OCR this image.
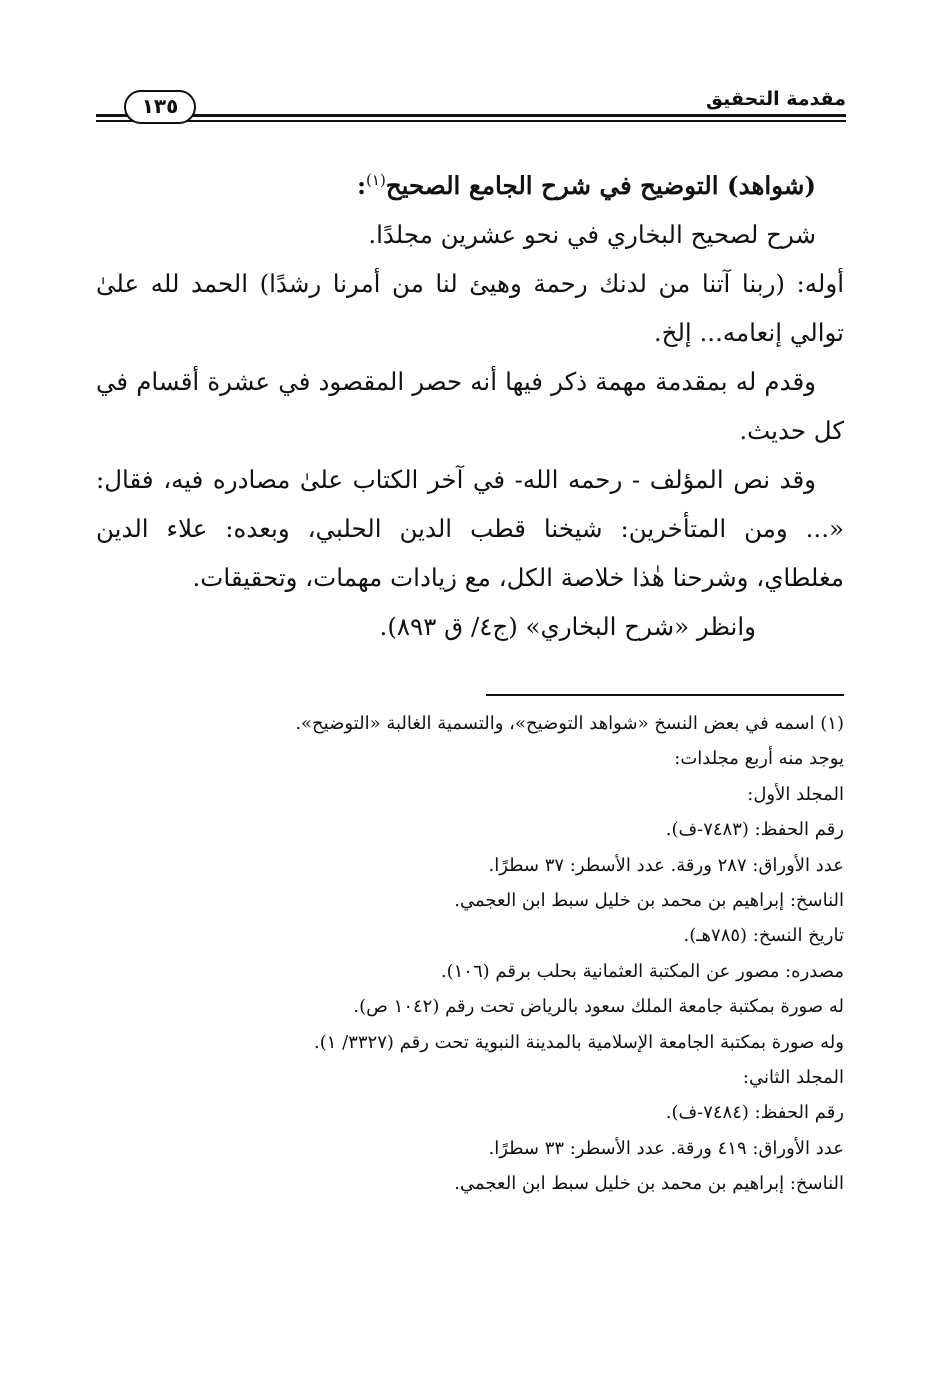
مقدمة التحقيق
١٣٥

(شواهد) التوضيح في شرح الجامع الصحيح$^{(١)}$:

شرح لصحيح البخاري في نحو عشرين مجلدًا.

أوله: (ربنا آتنا من لدنك رحمة وهيئ لنا من أمرنا رشدًا) الحمد لله علىٰ توالي إنعامه... إلخ.

وقدم له بمقدمة مهمة ذكر فيها أنه حصر المقصود في عشرة أقسام في كل حديث.

وقد نص المؤلف - رحمه الله- في آخر الكتاب علىٰ مصادره فيه، فقال: «... ومن المتأخرين: شيخنا قطب الدين الحلبي، وبعده: علاء الدين مغلطاي، وشرحنا هٰذا خلاصة الكل، مع زيادات مهمات، وتحقيقات.

وانظر «شرح البخاري» (ج٤/ ق ٨٩٣).

(١) اسمه في بعض النسخ «شواهد التوضيح»، والتسمية الغالبة «التوضيح».

يوجد منه أربع مجلدات:

المجلد الأول:

رقم الحفظ: (٧٤٨٣-ف).

عدد الأوراق: ٢٨٧ ورقة. عدد الأسطر: ٣٧ سطرًا.

الناسخ: إبراهيم بن محمد بن خليل سبط ابن العجمي.

تاريخ النسخ: (٧٨٥هـ).

مصدره: مصور عن المكتبة العثمانية بحلب برقم (١٠٦).

له صورة بمكتبة جامعة الملك سعود بالرياض تحت رقم (١٠٤٢ ص).

وله صورة بمكتبة الجامعة الإسلامية بالمدينة النبوية تحت رقم (٣٣٢٧/ ١).

المجلد الثاني:

رقم الحفظ: (٧٤٨٤-ف).

عدد الأوراق: ٤١٩ ورقة. عدد الأسطر: ٣٣ سطرًا.

الناسخ: إبراهيم بن محمد بن خليل سبط ابن العجمي.
